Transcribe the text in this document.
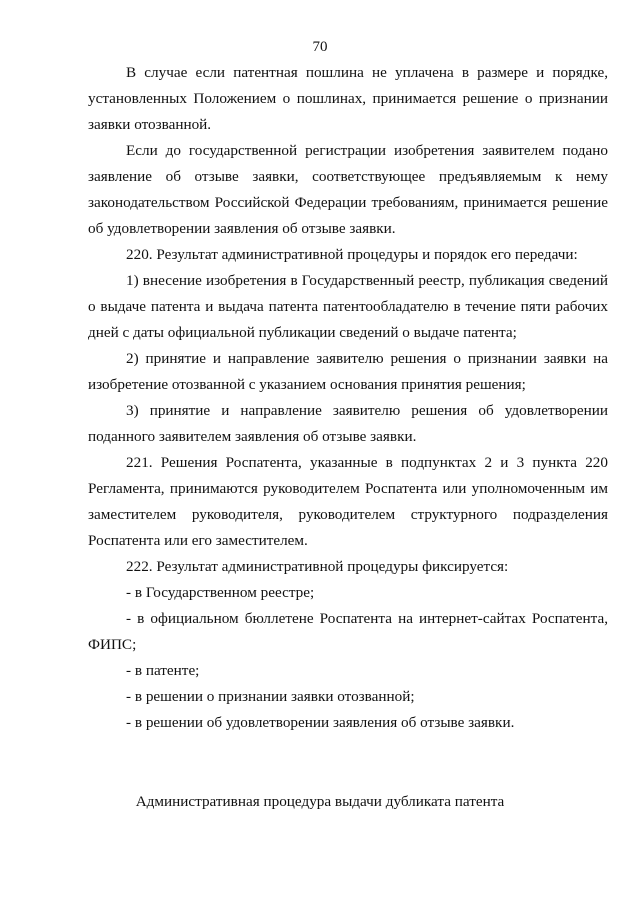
70

В случае если патентная пошлина не уплачена в размере и порядке, установленных Положением о пошлинах, принимается решение о признании заявки отозванной.

Если до государственной регистрации изобретения заявителем подано заявление об отзыве заявки, соответствующее предъявляемым к нему законодательством Российской Федерации требованиям, принимается решение об удовлетворении заявления об отзыве заявки.

220. Результат административной процедуры и порядок его передачи:

1) внесение изобретения в Государственный реестр, публикация сведений о выдаче патента и выдача патента патентообладателю в течение пяти рабочих дней с даты официальной публикации сведений о выдаче патента;

2) принятие и направление заявителю решения о признании заявки на изобретение отозванной с указанием основания принятия решения;

3) принятие и направление заявителю решения об удовлетворении поданного заявителем заявления об отзыве заявки.

221. Решения Роспатента, указанные в подпунктах 2 и 3 пункта 220 Регламента, принимаются руководителем Роспатента или уполномоченным им заместителем руководителя, руководителем структурного подразделения Роспатента или его заместителем.

222. Результат административной процедуры фиксируется:

- в Государственном реестре;

- в официальном бюллетене Роспатента на интернет-сайтах Роспатента, ФИПС;

- в патенте;

- в решении о признании заявки отозванной;

- в решении об удовлетворении заявления об отзыве заявки.

Административная процедура выдачи дубликата патента
